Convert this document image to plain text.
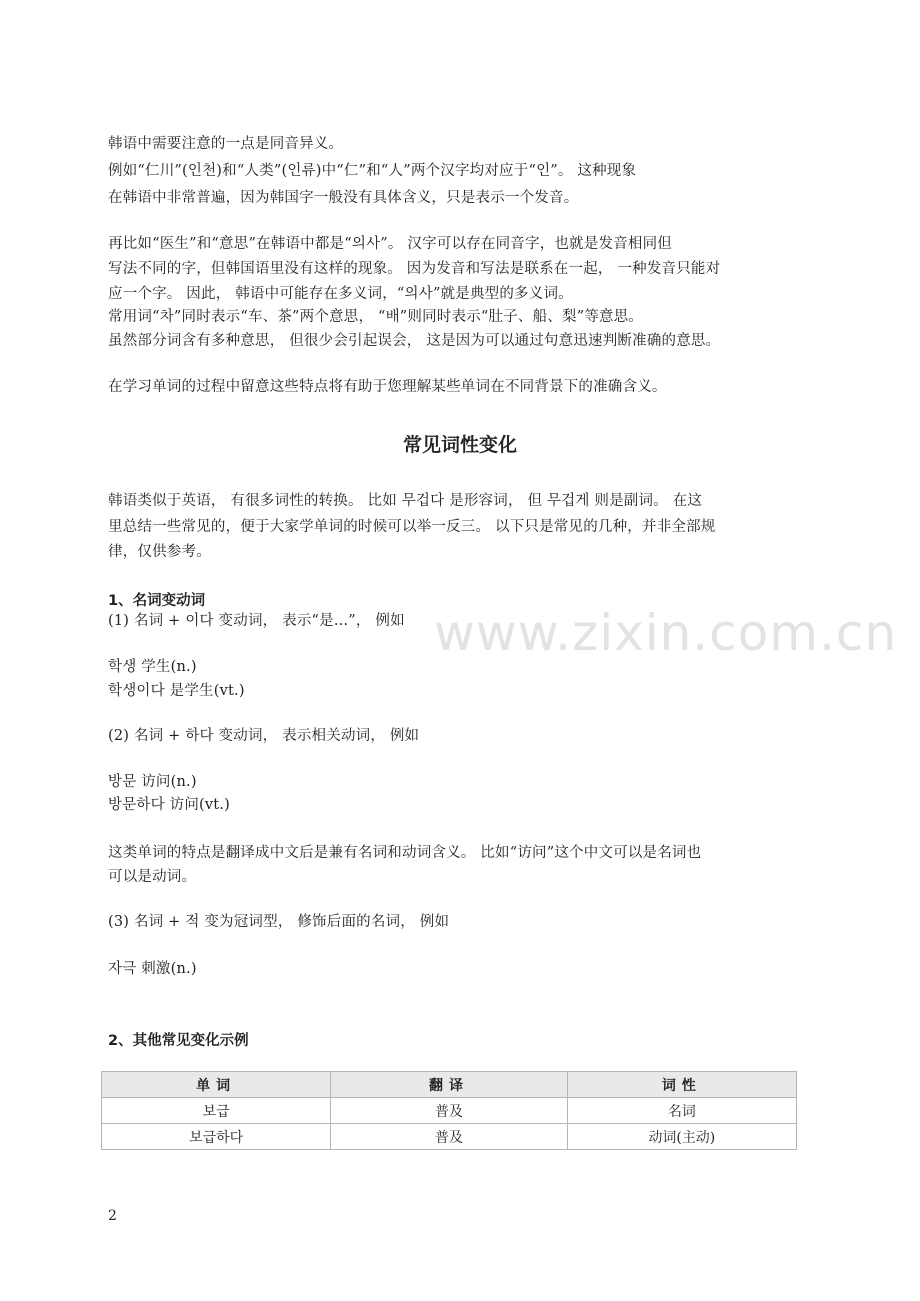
韩语中需要注意的一点是同音异义。
例如“仁川”(인천)和“人类”(인류)中“仁”和“人”两个汉字均对应于“인”。 这种现象
在韩语中非常普遍，因为韩国字一般没有具体含义，只是表示一个发音。
再比如“医生”和“意思”在韩语中都是“의사”。 汉字可以存在同音字，也就是发音相同但
写法不同的字，但韩国语里没有这样的现象。 因为发音和写法是联系在一起， 一种发音只能对
应一个字。 因此， 韩语中可能存在多义词，“의사”就是典型的多义词。
常用词“차”同时表示“车、茶”两个意思， “배”则同时表示“肚子、船、梨”等意思。
虽然部分词含有多种意思， 但很少会引起误会， 这是因为可以通过句意迅速判断准确的意思。
在学习单词的过程中留意这些特点将有助于您理解某些单词在不同背景下的准确含义。
常见词性变化
韩语类似于英语， 有很多词性的转换。 比如 무겁다 是形容词， 但 무겁게 则是副词。 在这
里总结一些常见的，便于大家学单词的时候可以举一反三。 以下只是常见的几种，并非全部规
律，仅供参考。
1、名词变动词
(1) 名词 + 이다 变动词， 表示“是...”， 例如 www.zixin.com.cn
학생 学生(n.)
학생이다 是学生(vt.)
(2) 名词 + 하다 变动词， 表示相关动词， 例如
방문 访问(n.)
방문하다 访问(vt.)
这类单词的特点是翻译成中文后是兼有名词和动词含义。 比如“访问”这个中文可以是名词也
可以是动词。
(3) 名词 + 적 变为冠词型， 修饰后面的名词， 例如
자극 刺激(n.)
2、其他常见变化示例
单词	翻译	词性
보급	普及	名词
보급하다	普及	动词(主动)
2
